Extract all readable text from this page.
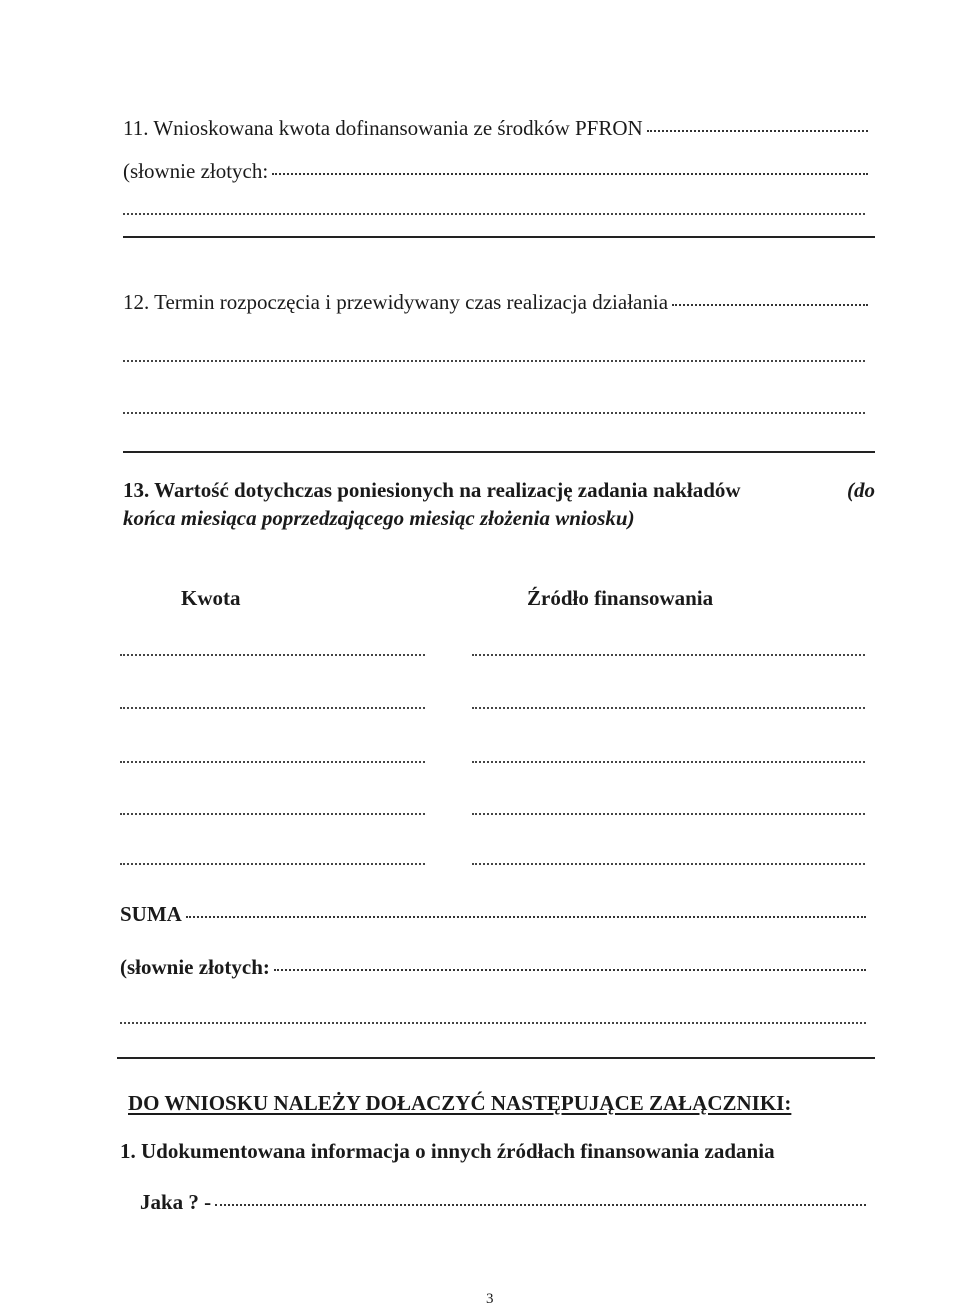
11. Wnioskowana kwota dofinansowania ze środków PFRON
(słownie złotych:
12. Termin rozpoczęcia i przewidywany czas realizacja działania
13. Wartość dotychczas poniesionych na realizację zadania nakładów	(do
końca miesiąca poprzedzającego miesiąc złożenia wniosku)
Kwota	Źródło finansowania
SUMA
(słownie złotych:
DO WNIOSKU NALEŻY DOŁACZYĆ NASTĘPUJĄCE ZAŁĄCZNIKI:
1. Udokumentowana informacja o innych źródłach finansowania zadania
Jaka ? -
3
